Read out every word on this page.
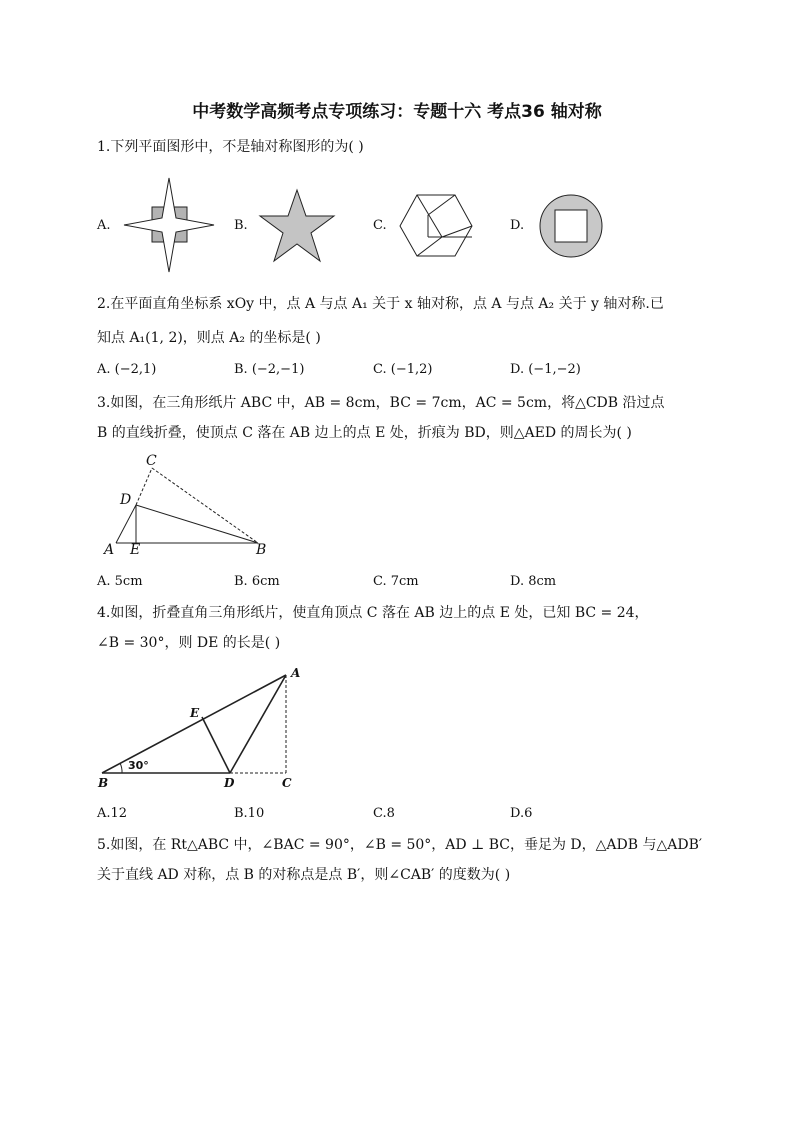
中考数学高频考点专项练习：专题十六 考点36 轴对称
1.下列平面图形中，不是轴对称图形的为( )
A.	B.	C.	D.
2.在平面直角坐标系 xOy 中，点 A 与点 A₁ 关于 x 轴对称，点 A 与点 A₂ 关于 y 轴对称.已
知点 A₁(1, 2)，则点 A₂ 的坐标是( )
A. (−2,1)	B. (−2,−1)	C. (−1,2)	D. (−1,−2)
3.如图，在三角形纸片 ABC 中，AB = 8cm，BC = 7cm，AC = 5cm，将△CDB 沿过点
B 的直线折叠，使顶点 C 落在 AB 边上的点 E 处，折痕为 BD，则△AED 的周长为( )
C
D
A E	B
A. 5cm	B. 6cm	C. 7cm	D. 8cm
4.如图，折叠直角三角形纸片，使直角顶点 C 落在 AB 边上的点 E 处，已知 BC = 24，
∠B = 30°，则 DE 的长是( )
A
E
B	D	C
30°
A.12	B.10	C.8	D.6
5.如图，在 Rt△ABC 中，∠BAC = 90°，∠B = 50°，AD ⊥ BC，垂足为 D，△ADB 与△ADB′
关于直线 AD 对称，点 B 的对称点是点 B′，则∠CAB′ 的度数为( )
